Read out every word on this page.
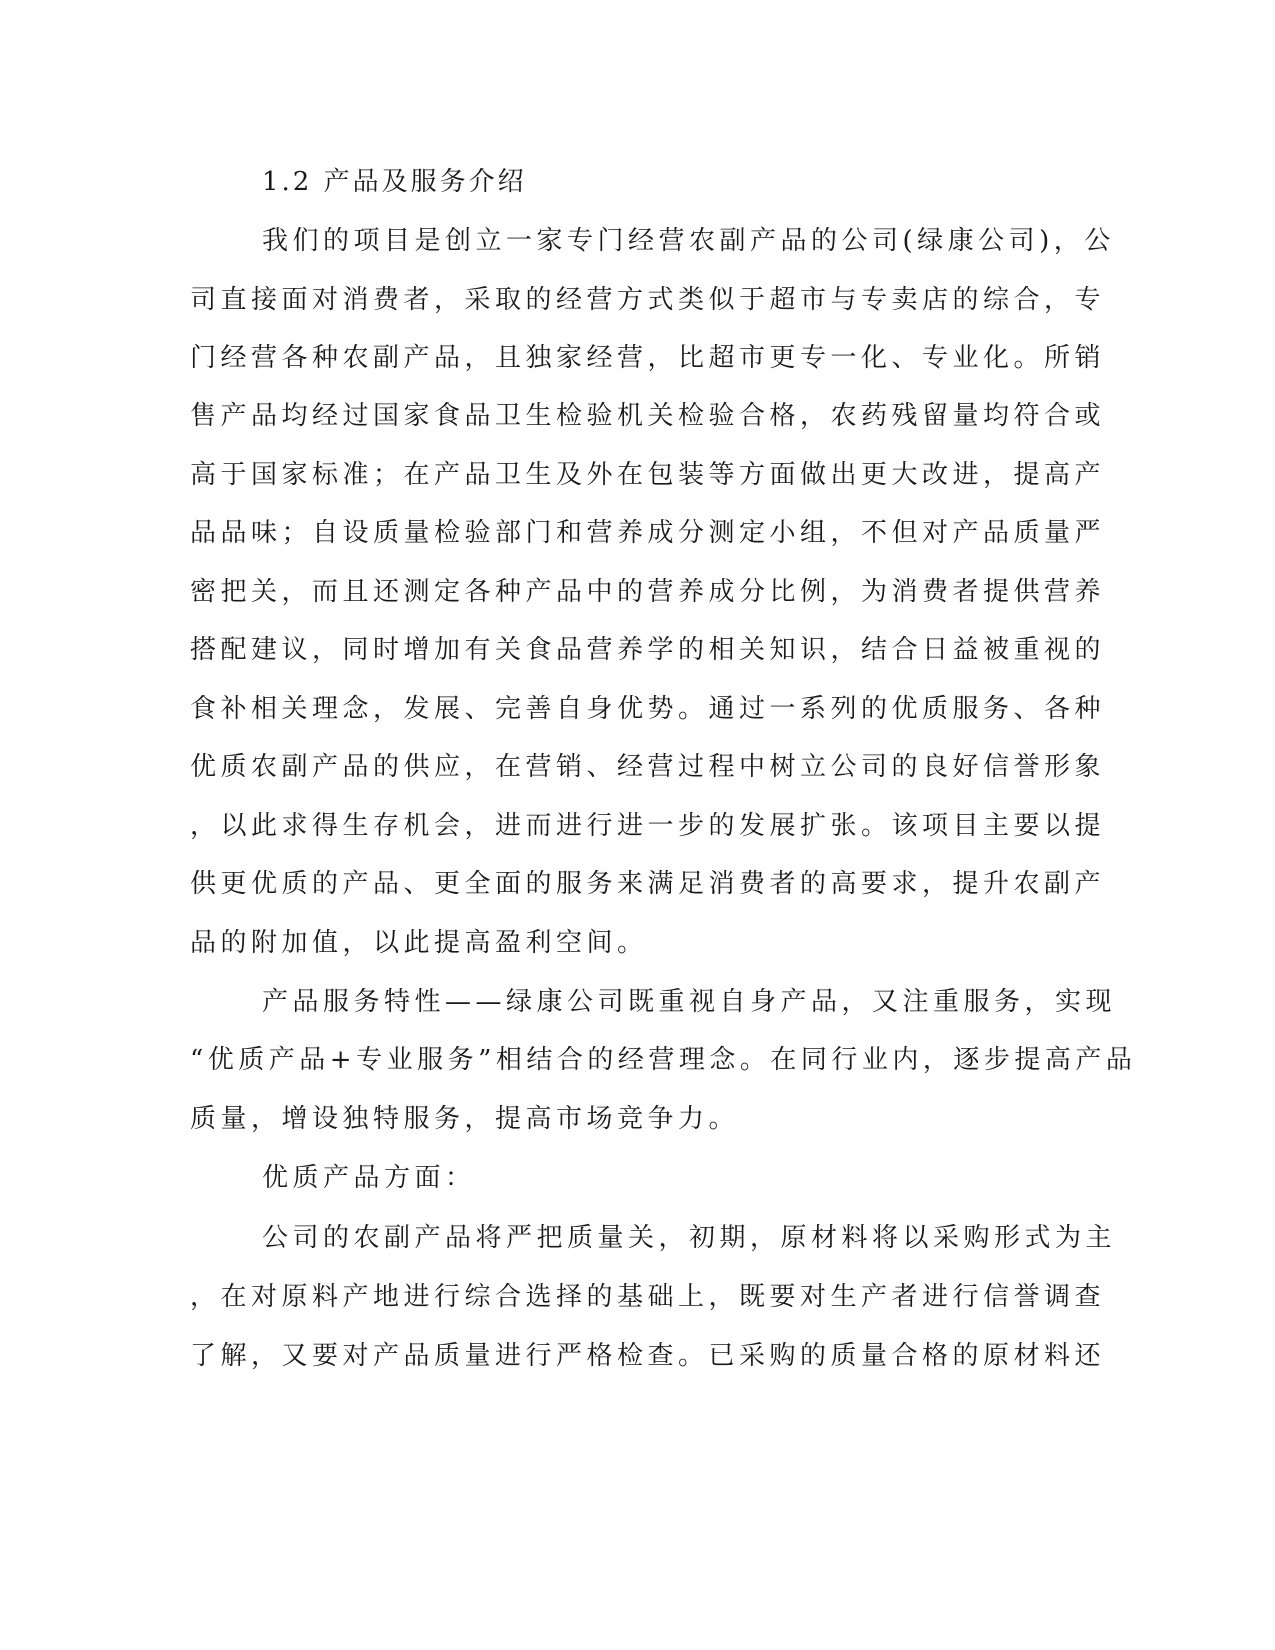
1.2 产品及服务介绍

我们的项目是创立一家专门经营农副产品的公司(绿康公司)，公

司直接面对消费者，采取的经营方式类似于超市与专卖店的综合，专

门经营各种农副产品，且独家经营，比超市更专一化、专业化。所销

售产品均经过国家食品卫生检验机关检验合格，农药残留量均符合或

高于国家标准；在产品卫生及外在包装等方面做出更大改进，提高产

品品味；自设质量检验部门和营养成分测定小组，不但对产品质量严

密把关，而且还测定各种产品中的营养成分比例，为消费者提供营养

搭配建议，同时增加有关食品营养学的相关知识，结合日益被重视的

食补相关理念，发展、完善自身优势。通过一系列的优质服务、各种

优质农副产品的供应，在营销、经营过程中树立公司的良好信誉形象

，以此求得生存机会，进而进行进一步的发展扩张。该项目主要以提

供更优质的产品、更全面的服务来满足消费者的高要求，提升农副产

品的附加值，以此提高盈利空间。

产品服务特性——绿康公司既重视自身产品，又注重服务，实现

“优质产品+专业服务”相结合的经营理念。在同行业内，逐步提高产品

质量，增设独特服务，提高市场竞争力。

优质产品方面：

公司的农副产品将严把质量关，初期，原材料将以采购形式为主

，在对原料产地进行综合选择的基础上，既要对生产者进行信誉调查

了解，又要对产品质量进行严格检查。已采购的质量合格的原材料还
